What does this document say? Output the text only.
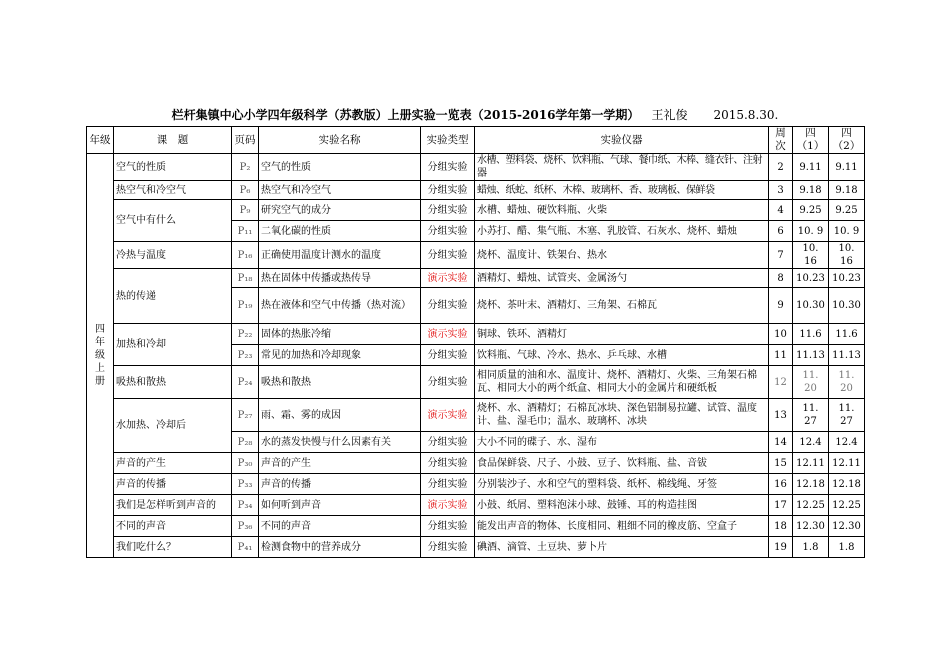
栏杆集镇中心小学四年级科学（苏教版）上册实验一览表（2015-2016学年第一学期） 王礼俊 2015.8.30.
年级	课　题	页码	实验名称	实验类型	实验仪器	周次	四（1）	四（2）

四
年
级
上
册	空气的性质	P₂	空气的性质	分组实验	水槽、塑料袋、烧杯、饮料瓶、气球、餐巾纸、木棒、缝衣针、注射器	2	9.11	9.11
	热空气和冷空气	P₆	热空气和冷空气	分组实验	蜡烛、纸蛇、纸杯、木棒、玻璃杯、香、玻璃板、保鲜袋	3	9.18	9.18
	空气中有什么	P₉	研究空气的成分	分组实验	水槽、蜡烛、硬饮料瓶、火柴	4	9.25	9.25
		P₁₁	二氧化碳的性质	分组实验	小苏打、醋、集气瓶、木塞、乳胶管、石灰水、烧杯、蜡烛	6	10. 9	10. 9
	冷热与温度	P₁₆	正确使用温度计测水的温度	分组实验	烧杯、温度计、铁架台、热水	7	10. 16	10. 16
	热的传递	P₁₈	热在固体中传播或热传导	演示实验	酒精灯、蜡烛、试管夹、金属汤勺	8	10.23	10.23
		P₁₉	热在液体和空气中传播（热对流）	分组实验	烧杯、茶叶末、酒精灯、三角架、石棉瓦	9	10.30	10.30
	加热和冷却	P₂₂	固体的热胀冷缩	演示实验	铜球、铁环、酒精灯	10	11.6	11.6
		P₂₃	常见的加热和冷却现象	分组实验	饮料瓶、气球、冷水、热水、乒乓球、水槽	11	11.13	11.13
	吸热和散热	P₂₄	吸热和散热	分组实验	相同质量的油和水、温度计、烧杯、酒精灯、火柴、三角架石棉瓦、相同大小的两个纸盒、相同大小的金属片和硬纸板	12	11. 20	11. 20
	水加热、冷却后	P₂₇	雨、霜、雾的成因	演示实验	烧杯、水、酒精灯；石棉瓦冰块、深色铝制易拉罐、试管、温度计、盐、湿毛巾；温水、玻璃杯、冰块	13	11. 27	11. 27
		P₂₈	水的蒸发快慢与什么因素有关	分组实验	大小不同的碟子、水、湿布	14	12.4	12.4
	声音的产生	P₃₀	声音的产生	分组实验	食品保鲜袋、尺子、小鼓、豆子、饮料瓶、盐、音钹	15	12.11	12.11
	声音的传播	P₃₃	声音的传播	分组实验	分别装沙子、水和空气的塑料袋、纸杯、棉线绳、牙签	16	12.18	12.18
	我们是怎样听到声音的	P₃₄	如何听到声音	演示实验	小鼓、纸屑、塑料泡沫小球、鼓锤、耳的构造挂图	17	12.25	12.25
	不同的声音	P₃₆	不同的声音	分组实验	能发出声音的物体、长度相同、粗细不同的橡皮筋、空盒子	18	12.30	12.30
	我们吃什么？	P₄₁	检测食物中的营养成分	分组实验	碘酒、滴管、土豆块、萝卜片	19	1.8	1.8
